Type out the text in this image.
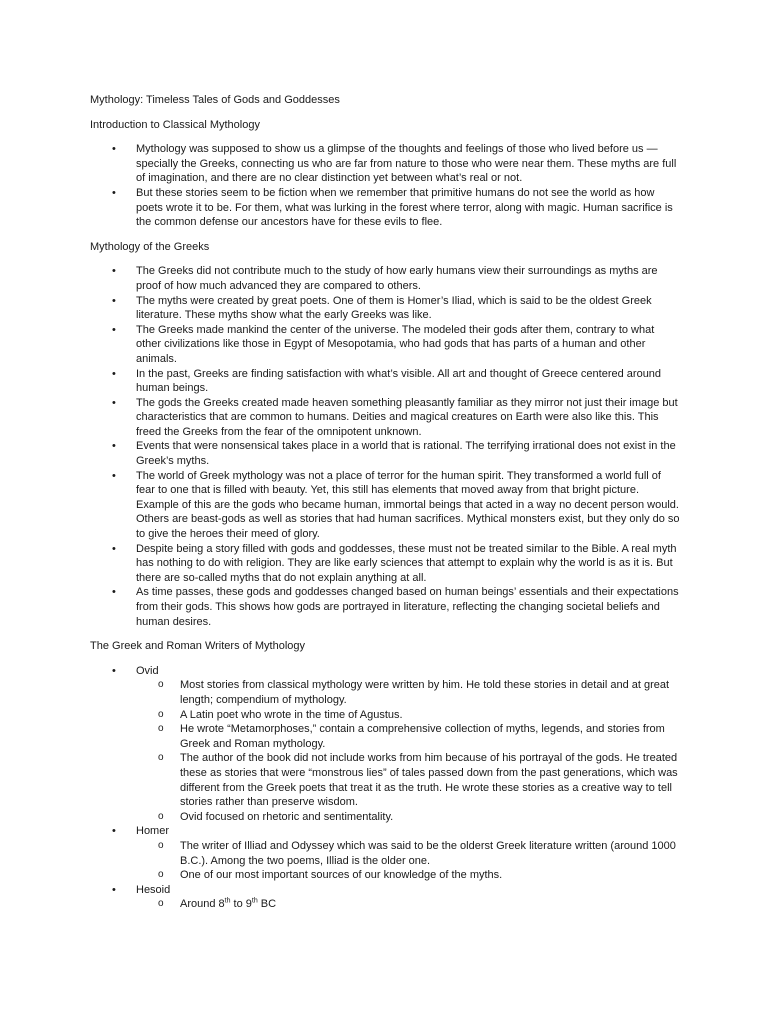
Mythology: Timeless Tales of Gods and Goddesses
Introduction to Classical Mythology
• Mythology was supposed to show us a glimpse of the thoughts and feelings of those who lived before us — specially the Greeks, connecting us who are far from nature to those who were near them. These myths are full of imagination, and there are no clear distinction yet between what’s real or not.
• But these stories seem to be fiction when we remember that primitive humans do not see the world as how poets wrote it to be. For them, what was lurking in the forest where terror, along with magic. Human sacrifice is the common defense our ancestors have for these evils to flee.
Mythology of the Greeks
• The Greeks did not contribute much to the study of how early humans view their surroundings as myths are proof of how much advanced they are compared to others.
• The myths were created by great poets. One of them is Homer’s Iliad, which is said to be the oldest Greek literature. These myths show what the early Greeks was like.
• The Greeks made mankind the center of the universe. The modeled their gods after them, contrary to what other civilizations like those in Egypt of Mesopotamia, who had gods that has parts of a human and other animals.
• In the past, Greeks are finding satisfaction with what’s visible. All art and thought of Greece centered around human beings.
• The gods the Greeks created made heaven something pleasantly familiar as they mirror not just their image but characteristics that are common to humans. Deities and magical creatures on Earth were also like this. This freed the Greeks from the fear of the omnipotent unknown.
• Events that were nonsensical takes place in a world that is rational. The terrifying irrational does not exist in the Greek’s myths.
• The world of Greek mythology was not a place of terror for the human spirit. They transformed a world full of fear to one that is filled with beauty. Yet, this still has elements that moved away from that bright picture. Example of this are the gods who became human, immortal beings that acted in a way no decent person would. Others are beast-gods as well as stories that had human sacrifices. Mythical monsters exist, but they only do so to give the heroes their meed of glory.
• Despite being a story filled with gods and goddesses, these must not be treated similar to the Bible. A real myth has nothing to do with religion. They are like early sciences that attempt to explain why the world is as it is. But there are so-called myths that do not explain anything at all.
• As time passes, these gods and goddesses changed based on human beings’ essentials and their expectations from their gods. This shows how gods are portrayed in literature, reflecting the changing societal beliefs and human desires.
The Greek and Roman Writers of Mythology
• Ovid
o Most stories from classical mythology were written by him. He told these stories in detail and at great length; compendium of mythology.
o A Latin poet who wrote in the time of Agustus.
o He wrote “Metamorphoses,” contain a comprehensive collection of myths, legends, and stories from Greek and Roman mythology.
o The author of the book did not include works from him because of his portrayal of the gods. He treated these as stories that were “monstrous lies” of tales passed down from the past generations, which was different from the Greek poets that treat it as the truth. He wrote these stories as a creative way to tell stories rather than preserve wisdom.
o Ovid focused on rhetoric and sentimentality.
• Homer
o The writer of Illiad and Odyssey which was said to be the olderst Greek literature written (around 1000 B.C.). Among the two poems, Illiad is the older one.
o One of our most important sources of our knowledge of the myths.
• Hesoid
o Around 8th to 9th BC
